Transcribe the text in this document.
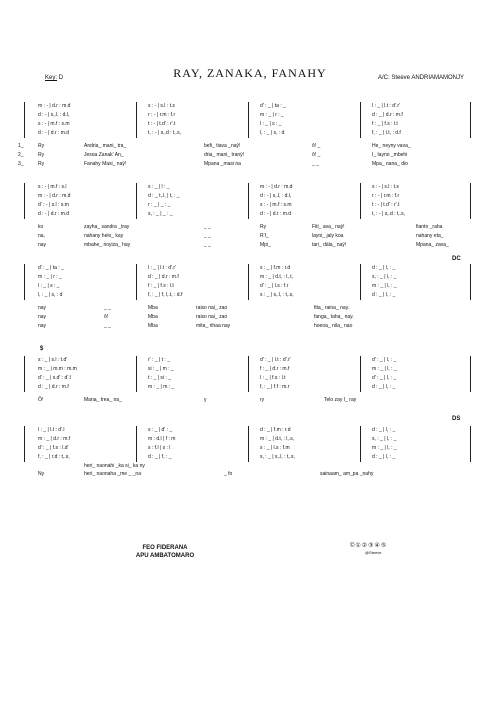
Key: D	RAY, ZANAKA, FANAHY	A/C: Steeve ANDRIAMAMONJY
m : - | d.r : m.d	s : - | s.l : t.s	d' : _ | ta : _	l : _ | l.t : d'.r'
d : - | s,.l, : d.l,	r : - | r.m : f.r	m : _ | r : _	d : _ | d.r : m.f
s : - | m.f : s.m	t : - | t.d' : r'.t	l : _ | s : _	f : _ | f.s : l.t
d : - | d.r : m.d	t, : - | s,.d : t,.s,	l, : _ | s, : d	f, : _ | l.t, : d.f
1_	Ry	Andria_ mani_ tra_	befi_ tiava _naỳ!	ô! _	He_ neyny vava_
2_	Ry	Jesoa Zanak' An_	dria_ mani_ tranỳ!	ô! _	I_ layno _mbehi
3_	Ry	Fanahy Masi_ naỳ!	Mpana _masi na	_ _	Mpa_ nana_ dio
s : - | m.f : s.l	s : _ | l : _	m : - | d.r : m.d	s : - | s.l : t.s
m : - | d.r : m.d	d : _ t,.l, | t, : _	d : - | s,.l, : d.l,	r : - | r.m : f.r
d' : - | s.l : s.m	r : _ | _ : _	s : - | m.f : s.m	t : - | t.d' : r'.t
d : - | d.r : m.d	s, : _ | _ : _	d : - | d.r : m.d	t, : - | s,.d : t,.s,
ko	zayha_ sandra _tray	_ _	Ry	Fiti_ ava_ naỳ!	fianto _raha
na,	nahany helo_ kay	_ _	R'I_	layni_ jaly koa	nahany eta_
nay	mbahe_ noyiza_ hay	_ _	Mpi_	tari_ dàla_ naỳ!	Mpana_ zava_
DC
d' : _ | ta : _	l : _ | l.t : d'.r'	s : _ | f.m : r.d	d : _ | l, : _
m : _ | r : _	d : _ | d.r : m.f	m : _ | d.t, : l,.t,	s, : _ | l, : _
l : _ | s : _	f : _ | f.s : l.t	d' : _ | l.s : f.r	m : _ | l, : _
l, : _ | s, : d	f, : _ | f, l,.t, : d.f	s : _ | s,.l, : t,.s,	d : _ | l, : _
nay	_ _	Mba	raiso nai_ zao	fita_ raina_ nay.
nay	ô!	Mba	raiso nai_ zao	fanga_ taha_ nay.
nay	_ _	Mba	mita_ rihaa nay	hoeoa_ nila_ nao
$
s : _ | s.l : t.d'	r' : _ | t : _	d' : _ | l.t : d'.r'	d' : _ | l, : _
m : _ | m.m : m.m	si : _ | m : _	f : _ | d.r : m.f	m : _ | l, : _
d' : _ | s.d' : d'.l	t : _ | si : _	l : _ | f.s : l.t	d' : _ | l, : _
d : _ | d.r : m.f	m : _ | m : _	f, : _ | f.f : m.r	d : _ | l, : _
Ô!	Mana_ trea_ na_	y	ry	Telo zay I_ ray
DS
l : _ | l.t : d'.l	s : _ | d' : _	d : _ | f.m : r.d	d : _ | l, : _
m : _ | d.r : m.f	m : d.l | f : m	m : _ | d.t, : l,.s,	s, : _ | l, : _
d' : _ | f.s : l.d'	s : f.l | s : l	s : _ | l.s : f.m	m : _ | l, : _
f, : _ | r.d : t,.s,	d : _ | f, : _	s, : _ | s,.l, : t,.s,	d : _ | l, : _
heri_ naonahi _ka si_ ka ny
Ny	heri_ naonaha _me _ _na	_ fo	sainaam_ am_pa _nahy
FEO FIDERANA
APU AMBATOMARO
©①②③④⑤
@Steeve
